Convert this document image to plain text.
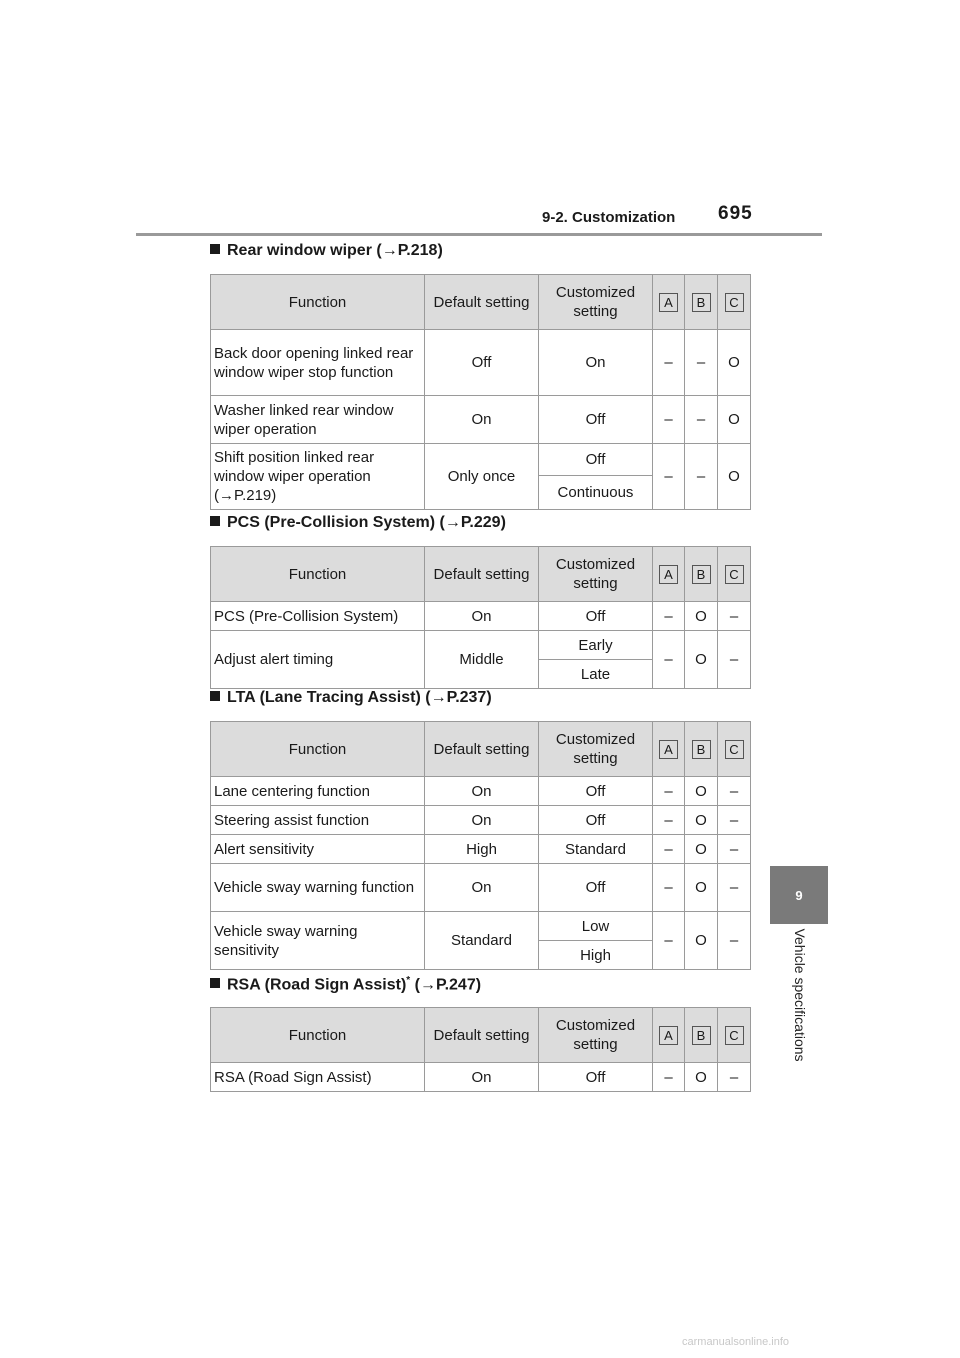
9-2. Customization 695
9
Vehicle specifications
Rear window wiper (→P.218)
Function	Default setting	Customized setting	A	B	C
Back door opening linked rear window wiper stop function	Off	On	–	–	O
Washer linked rear window wiper operation	On	Off	–	–	O
Shift position linked rear window wiper operation (→P.219)	Only once	Off	–	–	O
		Continuous			
PCS (Pre-Collision System) (→P.229)
Function	Default setting	Customized setting	A	B	C
PCS (Pre-Collision System)	On	Off	–	O	–
Adjust alert timing	Middle	Early	–	O	–
		Late			
LTA (Lane Tracing Assist) (→P.237)
Function	Default setting	Customized setting	A	B	C
Lane centering function	On	Off	–	O	–
Steering assist function	On	Off	–	O	–
Alert sensitivity	High	Standard	–	O	–
Vehicle sway warning function	On	Off	–	O	–
Vehicle sway warning sensitivity	Standard	Low	–	O	–
		High			
RSA (Road Sign Assist)* (→P.247)
Function	Default setting	Customized setting	A	B	C
RSA (Road Sign Assist)	On	Off	–	O	–
carmanualsonline.info
